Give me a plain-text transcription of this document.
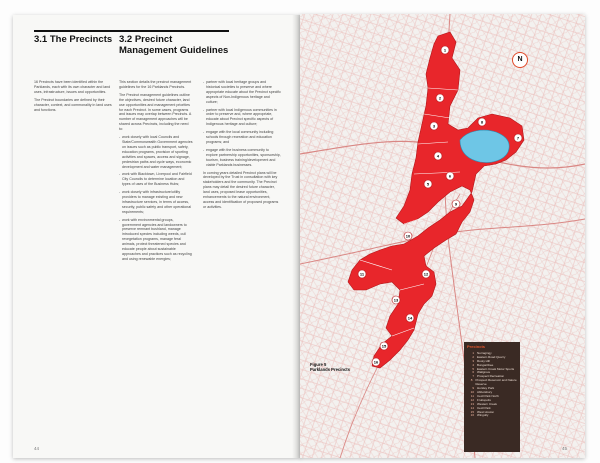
3.1 The Precincts

16 Precincts have been identified within the Parklands, each with its own character and land uses, infrastructure, issues and opportunities.

The Precinct boundaries are defined by their character, context, and commonality in land uses and functions.

3.2 Precinct Management Guidelines

This section details the precinct management guidelines for the 16 Parklands Precincts.

The Precinct management guidelines outline the objectives, desired future character, land use opportunities and management priorities for each Precinct. In some cases, programs and issues may overlap between Precincts. A number of management approaches will be shared across Precincts, including the need to:

- work closely with local Councils and State/Commonwealth Government agencies on issues such as public transport, safety, education programs, provision of sporting activities and spaces, access and signage, pedestrian paths and cycle ways, economic development and water management;
- work with Blacktown, Liverpool and Fairfield City Councils to determine location and types of uses of the Business Hubs;
- work closely with infrastructure/utility providers to manage existing and new infrastructure services, in terms of access, security, public safety and other operational requirements;
- work with environmental groups, government agencies and landowners to preserve remnant bushland, manage introduced species including weeds, cull revegetation programs, manage feral animals, protect threatened species and educate people about sustainable approaches and practices such as recycling and using renewable energies;
- partner with local heritage groups and historical societies to preserve and where appropriate educate about the Precinct specific aspects of Non-Indigenous heritage and culture;
- partner with local Indigenous communities in order to preserve and, where appropriate, educate about Precinct specific aspects of Indigenous heritage and culture;
- engage with the local community including schools through recreation and education programs; and
- engage with the business community to explore partnership opportunities, sponsorship, tourism, business training/development and viable Parklands businesses.

In coming years detailed Precinct plans will be developed by the Trust in consultation with key stakeholders and the community. The Precinct plans may detail the desired future character, land uses, proposed lease opportunities, enhancements to the natural environment, access and identification of proposed programs or activities.

44
1
2
3
4
5
6
7
8
9
10
11	12
13
14
15
16
N
Figure 5
Parklands Precincts
Precincts
1 Nurragingy
2 Eastern Road Quarry
3 Rooty Hill
4 Bungarribee
5 Eastern Creek Motor Sports
6 Wallgrove
7 Prospect Recreation
8 Prospect Reservoir and Nature Reserve
9 Horsley Park
10 Abbotsbury
11 Cecil Park North
12 Fruitopolis
13 Western Creek
14 Cecil Park
15 West Hoxton
16 Wingolly
45
